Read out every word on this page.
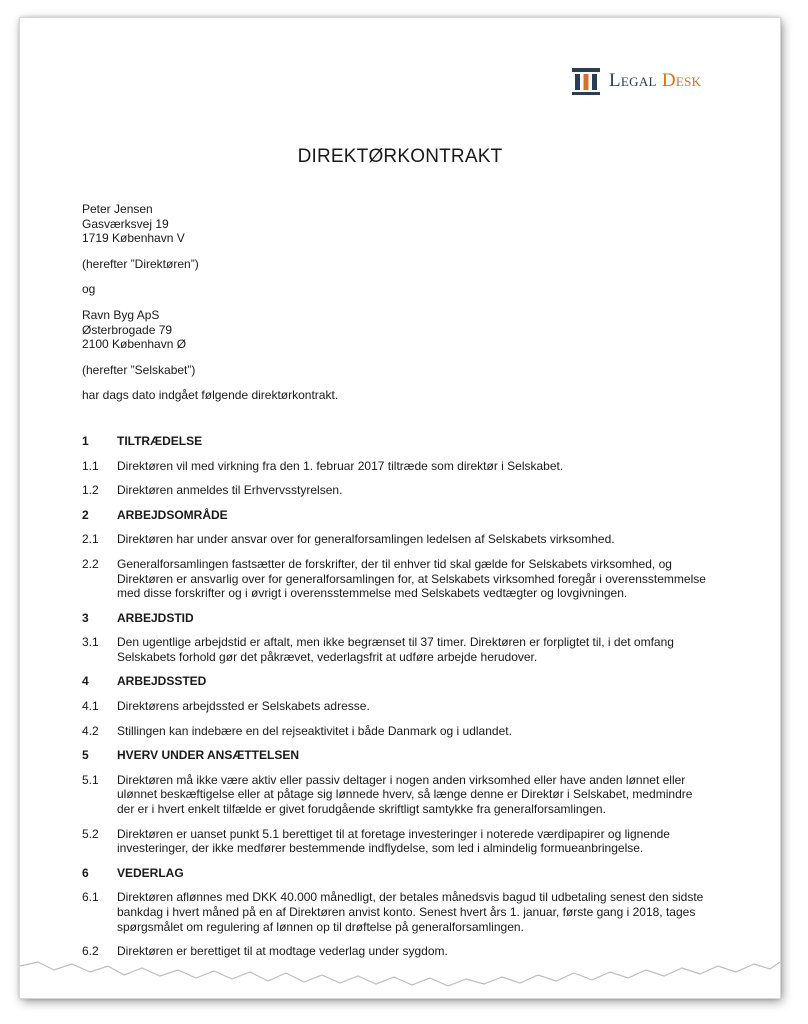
Legal Desk
DIREKTØRKONTRAKT
Peter Jensen
Gasværksvej 19
1719 København V

(herefter ”Direktøren”)

og

Ravn Byg ApS
Østerbrogade 79
2100 København Ø

(herefter ”Selskabet”)

har dags dato indgået følgende direktørkontrakt.

1	TILTRÆDELSE
1.1	Direktøren vil med virkning fra den 1. februar 2017 tiltræde som direktør i Selskabet.
1.2	Direktøren anmeldes til Erhvervsstyrelsen.
2	ARBEJDSOMRÅDE
2.1	Direktøren har under ansvar over for generalforsamlingen ledelsen af Selskabets virksomhed.
2.2	Generalforsamlingen fastsætter de forskrifter, der til enhver tid skal gælde for Selskabets virksomhed, og Direktøren er ansvarlig over for generalforsamlingen for, at Selskabets virksomhed foregår i overensstemmelse med disse forskrifter og i øvrigt i overensstemmelse med Selskabets vedtægter og lovgivningen.
3	ARBEJDSTID
3.1	Den ugentlige arbejdstid er aftalt, men ikke begrænset til 37 timer. Direktøren er forpligtet til, i det omfang Selskabets forhold gør det påkrævet, vederlagsfrit at udføre arbejde herudover.
4	ARBEJDSSTED
4.1	Direktørens arbejdssted er Selskabets adresse.
4.2	Stillingen kan indebære en del rejseaktivitet i både Danmark og i udlandet.
5	HVERV UNDER ANSÆTTELSEN
5.1	Direktøren må ikke være aktiv eller passiv deltager i nogen anden virksomhed eller have anden lønnet eller ulønnet beskæftigelse eller at påtage sig lønnede hverv, så længe denne er Direktør i Selskabet, medmindre der er i hvert enkelt tilfælde er givet forudgående skriftligt samtykke fra generalforsamlingen.
5.2	Direktøren er uanset punkt 5.1 berettiget til at foretage investeringer i noterede værdipapirer og lignende investeringer, der ikke medfører bestemmende indflydelse, som led i almindelig formueanbringelse.
6	VEDERLAG
6.1	Direktøren aflønnes med DKK 40.000 månedligt, der betales månedsvis bagud til udbetaling senest den sidste bankdag i hvert måned på en af Direktøren anvist konto. Senest hvert års 1. januar, første gang i 2018, tages spørgsmålet om regulering af lønnen op til drøftelse på generalforsamlingen.
6.2	Direktøren er berettiget til at modtage vederlag under sygdom.
